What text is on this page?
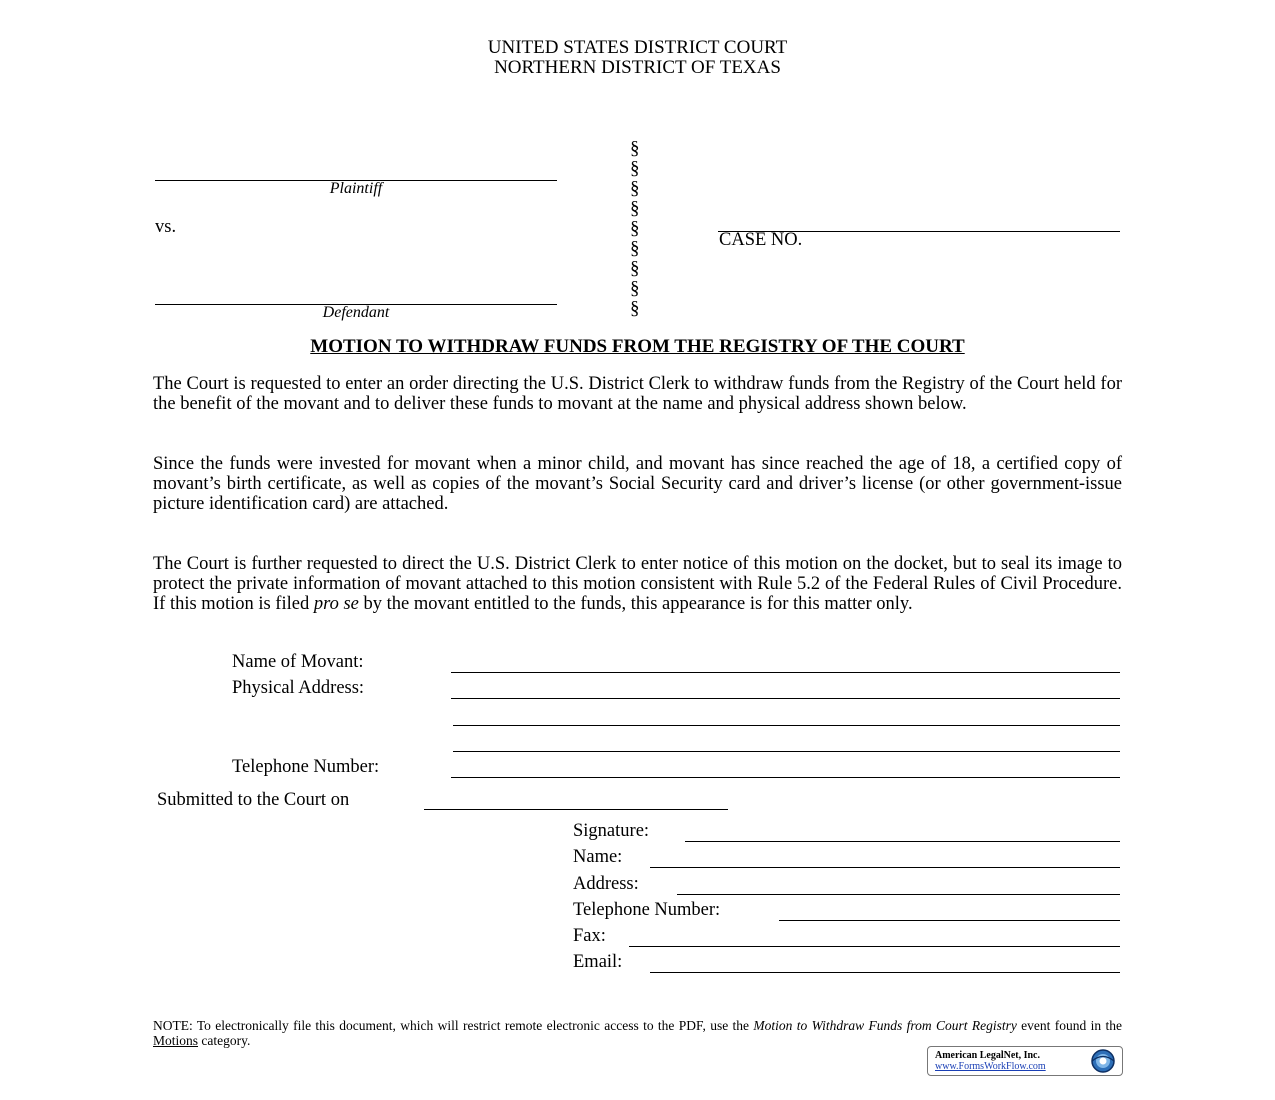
UNITED STATES DISTRICT COURT
NORTHERN DISTRICT OF TEXAS
Plaintiff
vs.
Defendant
§
§
§
§
§
§
§
§
§
CASE NO.
MOTION TO WITHDRAW FUNDS FROM THE REGISTRY OF THE COURT
The Court is requested to enter an order directing the U.S. District Clerk to withdraw funds from the Registry of the Court held for the benefit of the movant and to deliver these funds to movant at the name and physical address shown below.
Since the funds were invested for movant when a minor child, and movant has since reached the age of 18, a certified copy of movant’s birth certificate, as well as copies of the movant’s Social Security card and driver’s license (or other government-issue picture identification card) are attached.
The Court is further requested to direct the U.S. District Clerk to enter notice of this motion on the docket, but to seal its image to protect the private information of movant attached to this motion consistent with Rule 5.2 of the Federal Rules of Civil Procedure. If this motion is filed pro se by the movant entitled to the funds, this appearance is for this matter only.
Name of Movant:
Physical Address:
Telephone Number:
Submitted to the Court on
Signature:
Name:
Address:
Telephone Number:
Fax:
Email:
NOTE: To electronically file this document, which will restrict remote electronic access to the PDF, use the Motion to Withdraw Funds from Court Registry event found in the Motions category.
American LegalNet, Inc.
www.FormsWorkFlow.com
